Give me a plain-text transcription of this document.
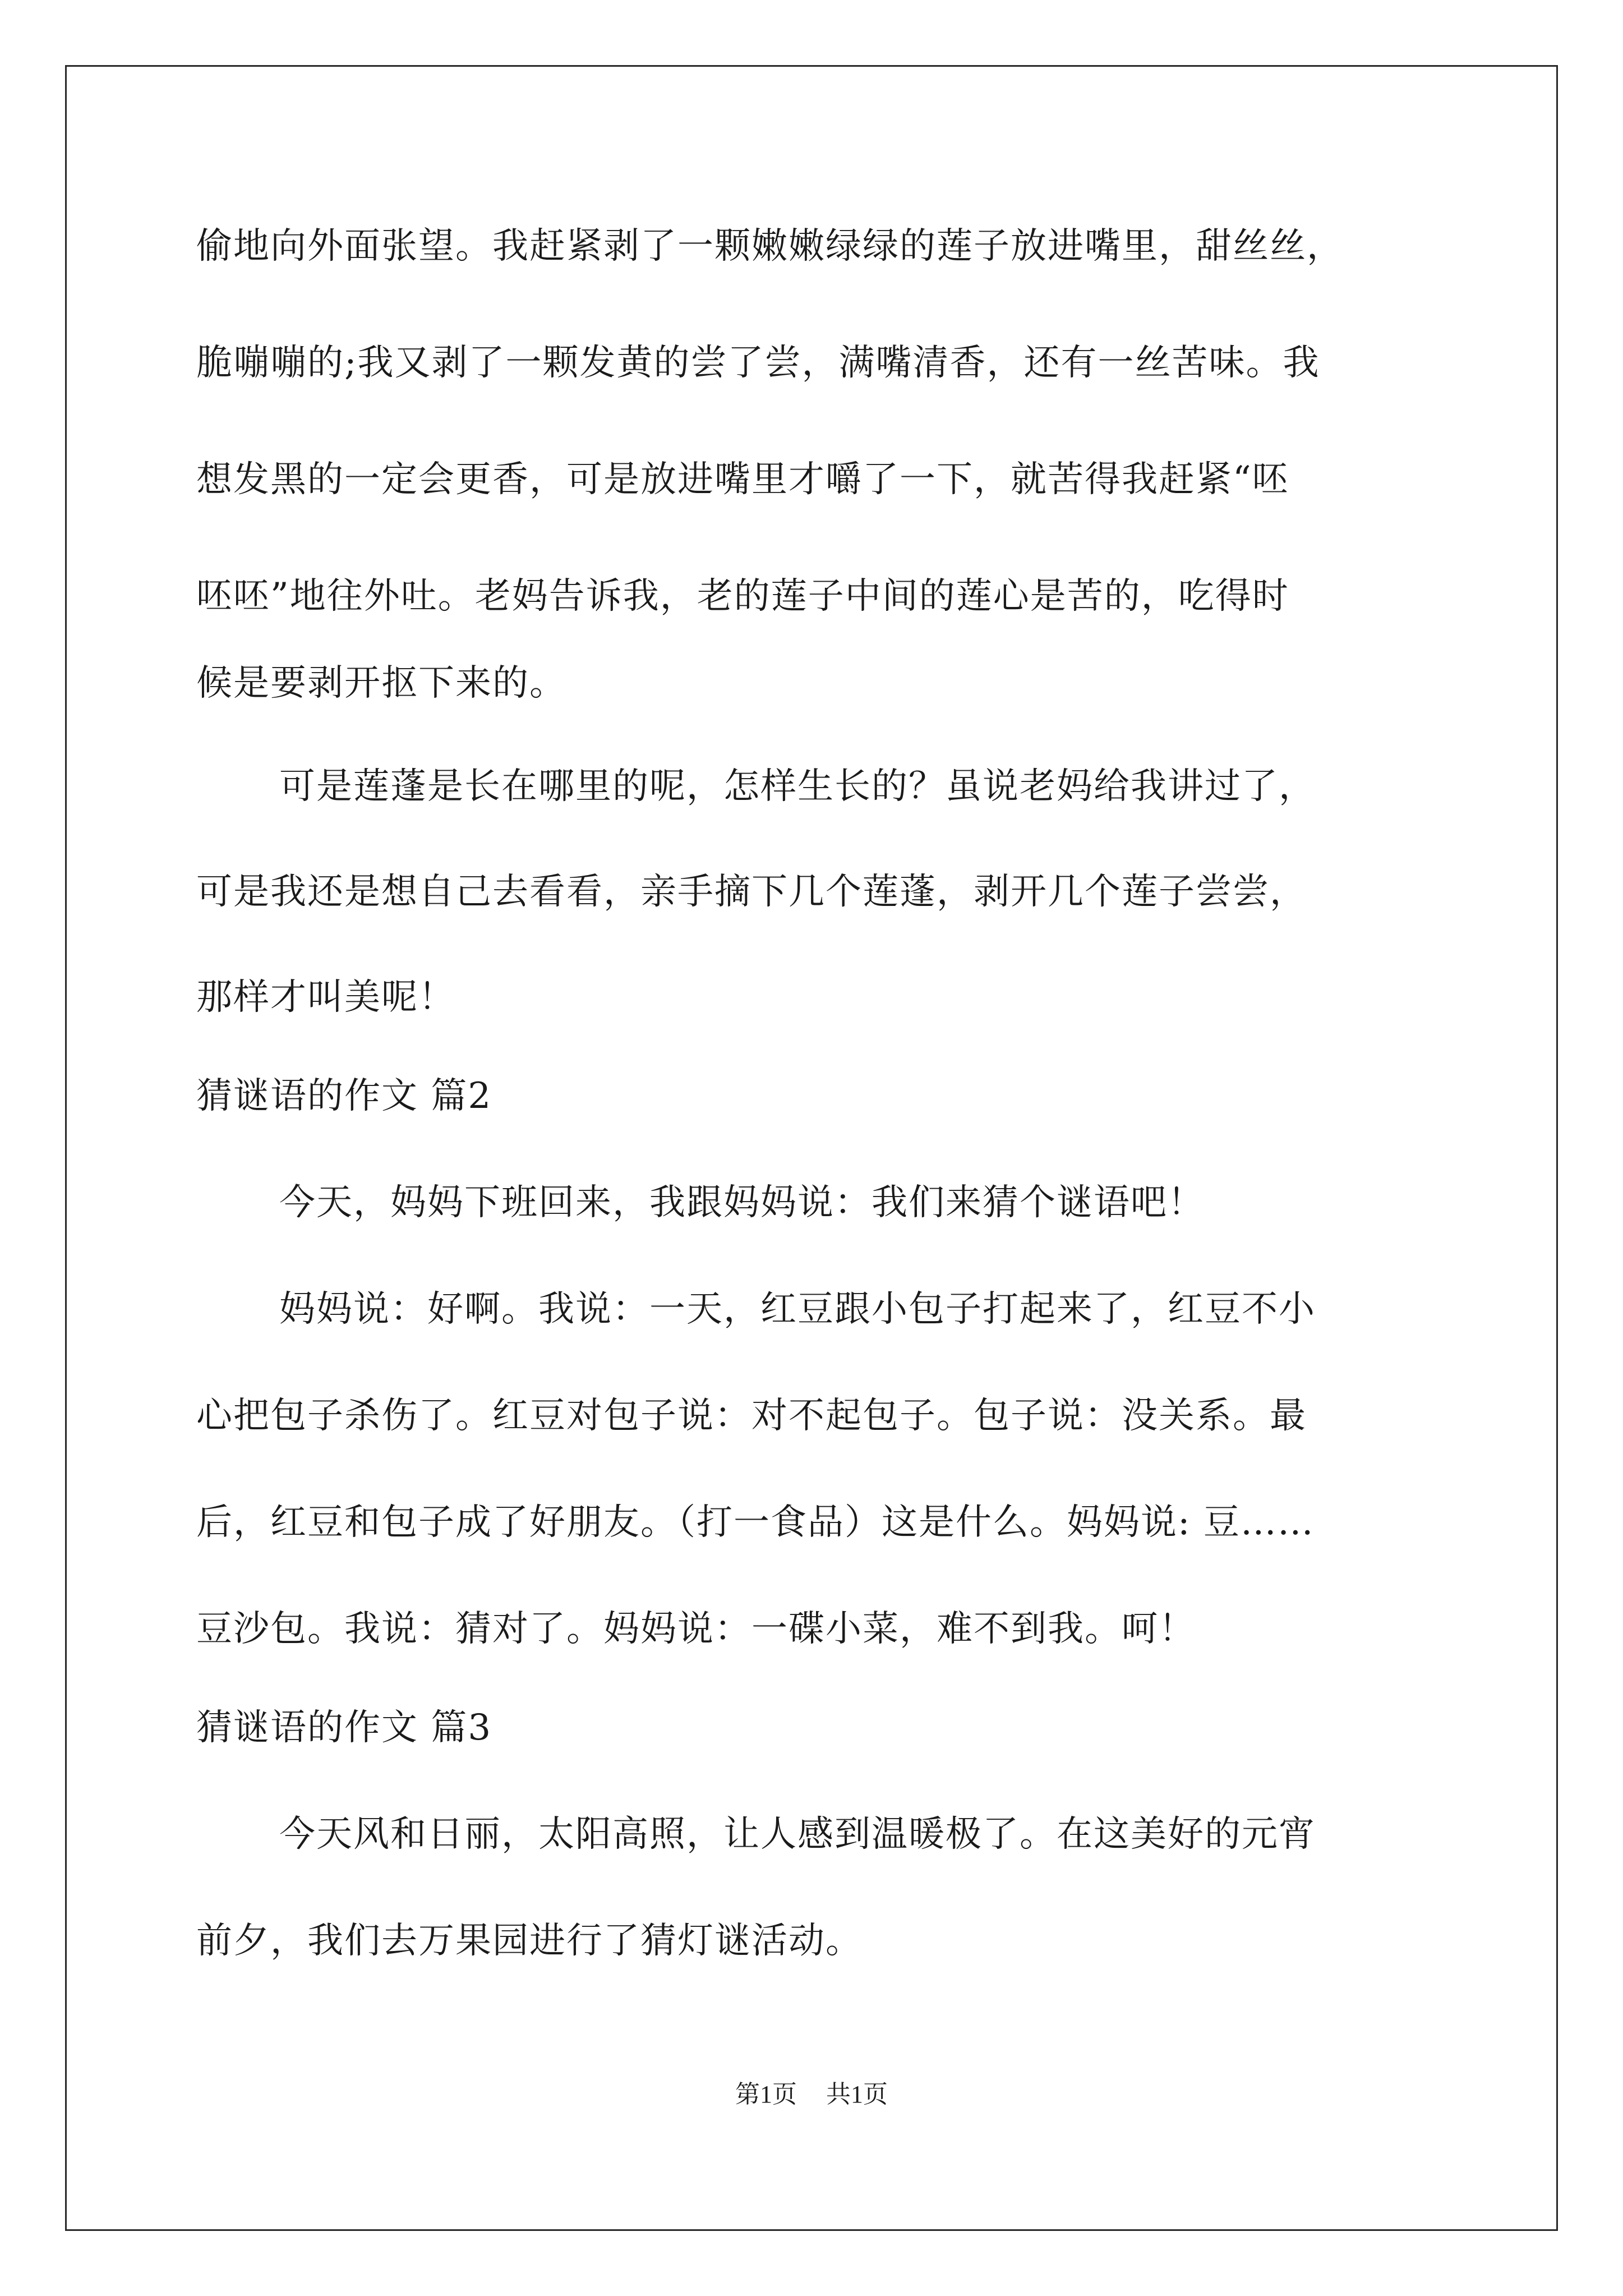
偷地向外面张望。我赶紧剥了一颗嫩嫩绿绿的莲子放进嘴里，甜丝丝，
脆嘣嘣的;我又剥了一颗发黄的尝了尝，满嘴清香，还有一丝苦味。我
想发黑的一定会更香，可是放进嘴里才嚼了一下，就苦得我赶紧“呸
呸呸”地往外吐。老妈告诉我，老的莲子中间的莲心是苦的，吃得时
候是要剥开抠下来的。
可是莲蓬是长在哪里的呢，怎样生长的？虽说老妈给我讲过了，
可是我还是想自己去看看，亲手摘下几个莲蓬，剥开几个莲子尝尝，
那样才叫美呢！
猜谜语的作文 篇2
今天，妈妈下班回来，我跟妈妈说：我们来猜个谜语吧！
妈妈说：好啊。我说：一天，红豆跟小包子打起来了，红豆不小
心把包子杀伤了。红豆对包子说：对不起包子。包子说：没关系。最
后，红豆和包子成了好朋友。（打一食品）这是什么。妈妈说: 豆……
豆沙包。我说：猜对了。妈妈说：一碟小菜，难不到我。呵！
猜谜语的作文 篇3
今天风和日丽，太阳高照，让人感到温暖极了。在这美好的元宵
前夕，我们去万果园进行了猜灯谜活动。
第1页 共1页
